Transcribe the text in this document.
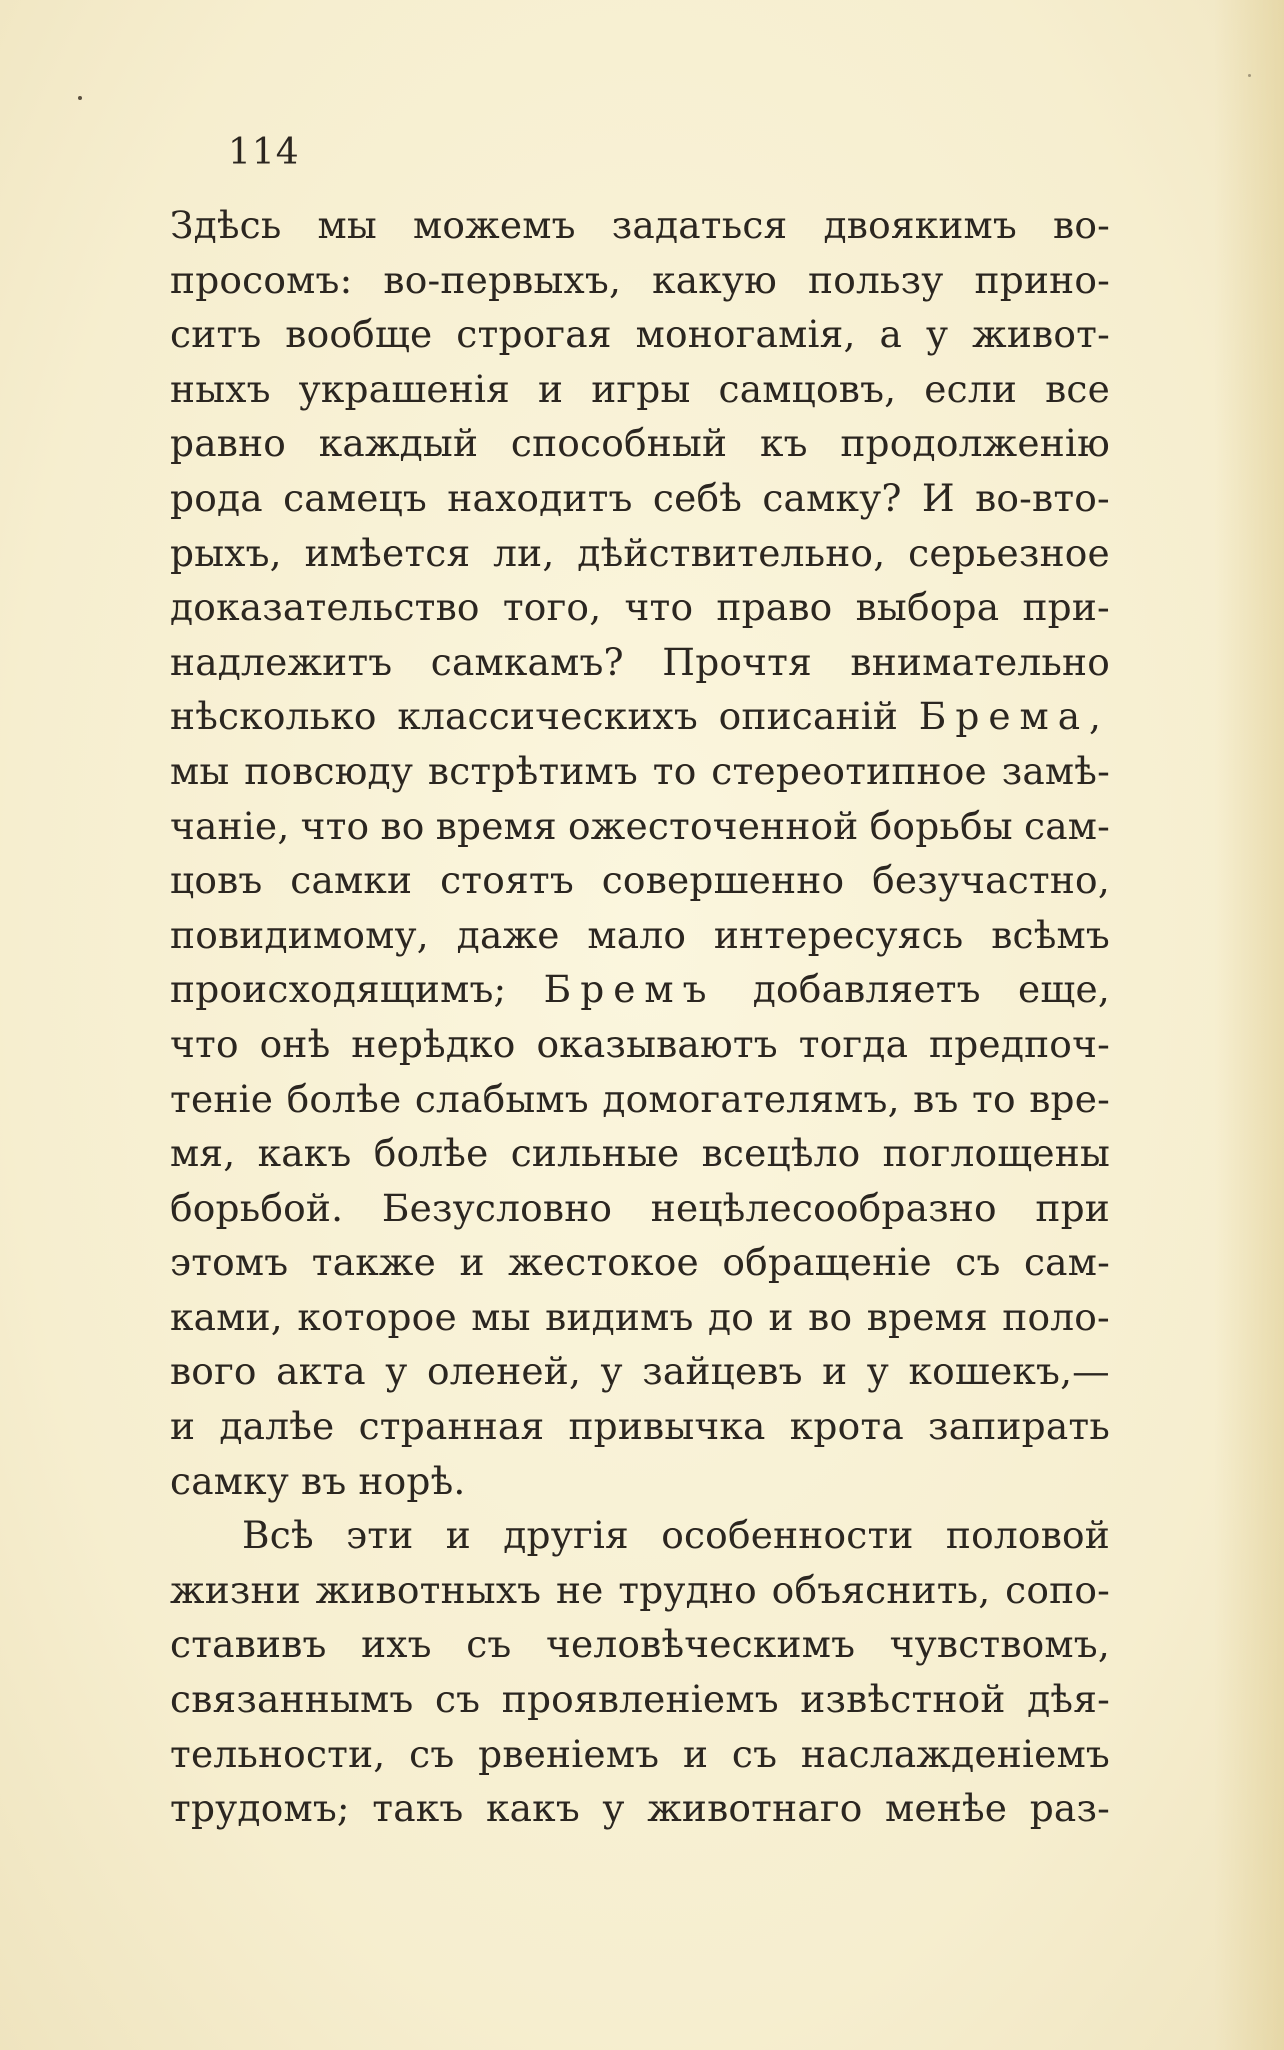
114
Здѣсь мы можемъ задаться двоякимъ во-
просомъ: во-первыхъ, какую пользу прино-
ситъ вообще строгая моногамія, а у живот-
ныхъ украшенія и игры самцовъ, если все
равно каждый способный къ продолженію
рода самецъ находитъ себѣ самку? И во-вто-
рыхъ, имѣется ли, дѣйствительно, серьезное
доказательство того, что право выбора при-
надлежитъ самкамъ? Прочтя внимательно
нѣсколько классическихъ описаній Брема,
мы повсюду встрѣтимъ то стереотипное замѣ-
чаніе, что во время ожесточенной борьбы сам-
цовъ самки стоятъ совершенно безучастно,
повидимому, даже мало интересуясь всѣмъ
происходящимъ; Бремъ добавляетъ еще,
что онѣ нерѣдко оказываютъ тогда предпоч-
теніе болѣе слабымъ домогателямъ, въ то вре-
мя, какъ болѣе сильные всецѣло поглощены
борьбой. Безусловно нецѣлесообразно при
этомъ также и жестокое обращеніе съ сам-
ками, которое мы видимъ до и во время поло-
вого акта у оленей, у зайцевъ и у кошекъ,—
и далѣе странная привычка крота запирать
самку въ норѣ.
Всѣ эти и другія особенности половой
жизни животныхъ не трудно объяснить, сопо-
ставивъ ихъ съ человѣческимъ чувствомъ,
связаннымъ съ проявленіемъ извѣстной дѣя-
тельности, съ рвеніемъ и съ наслажденіемъ
трудомъ; такъ какъ у животнаго менѣе раз-
